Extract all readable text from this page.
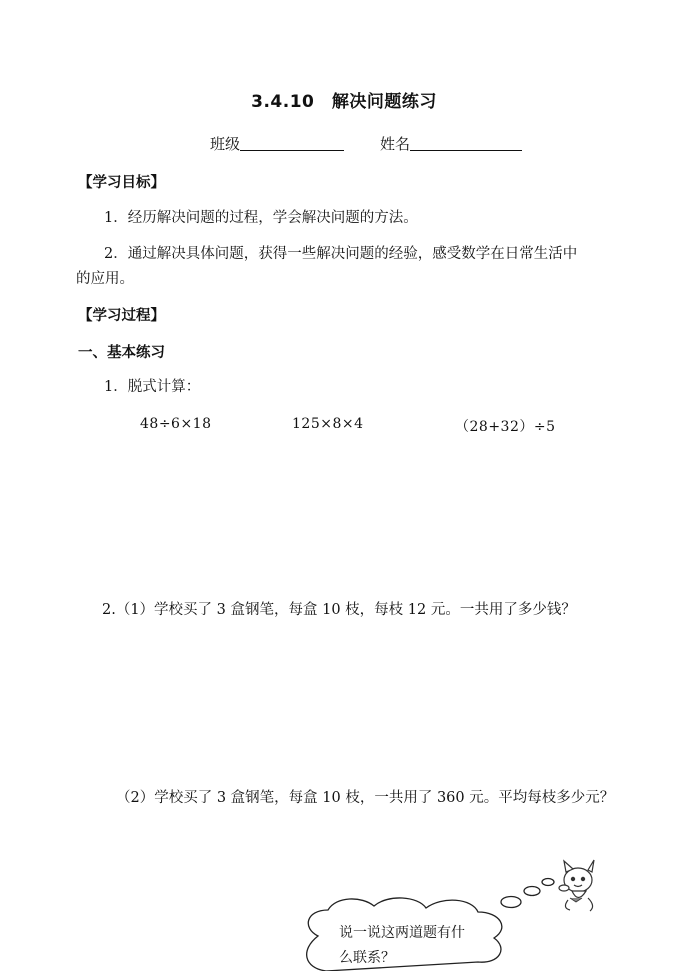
3.4.10　解决问题练习
班级	姓名
【学习目标】
1．经历解决问题的过程，学会解决问题的方法。
2．通过解决具体问题，获得一些解决问题的经验，感受数学在日常生活中
的应用。
【学习过程】
一、基本练习
1．脱式计算：
48÷6×18	125×8×4	（28+32）÷5
2.（1）学校买了 3 盒钢笔，每盒 10 枝，每枝 12 元。一共用了多少钱？
（2）学校买了 3 盒钢笔，每盒 10 枝，一共用了 360 元。平均每枝多少元？
说一说这两道题有什
么联系？
